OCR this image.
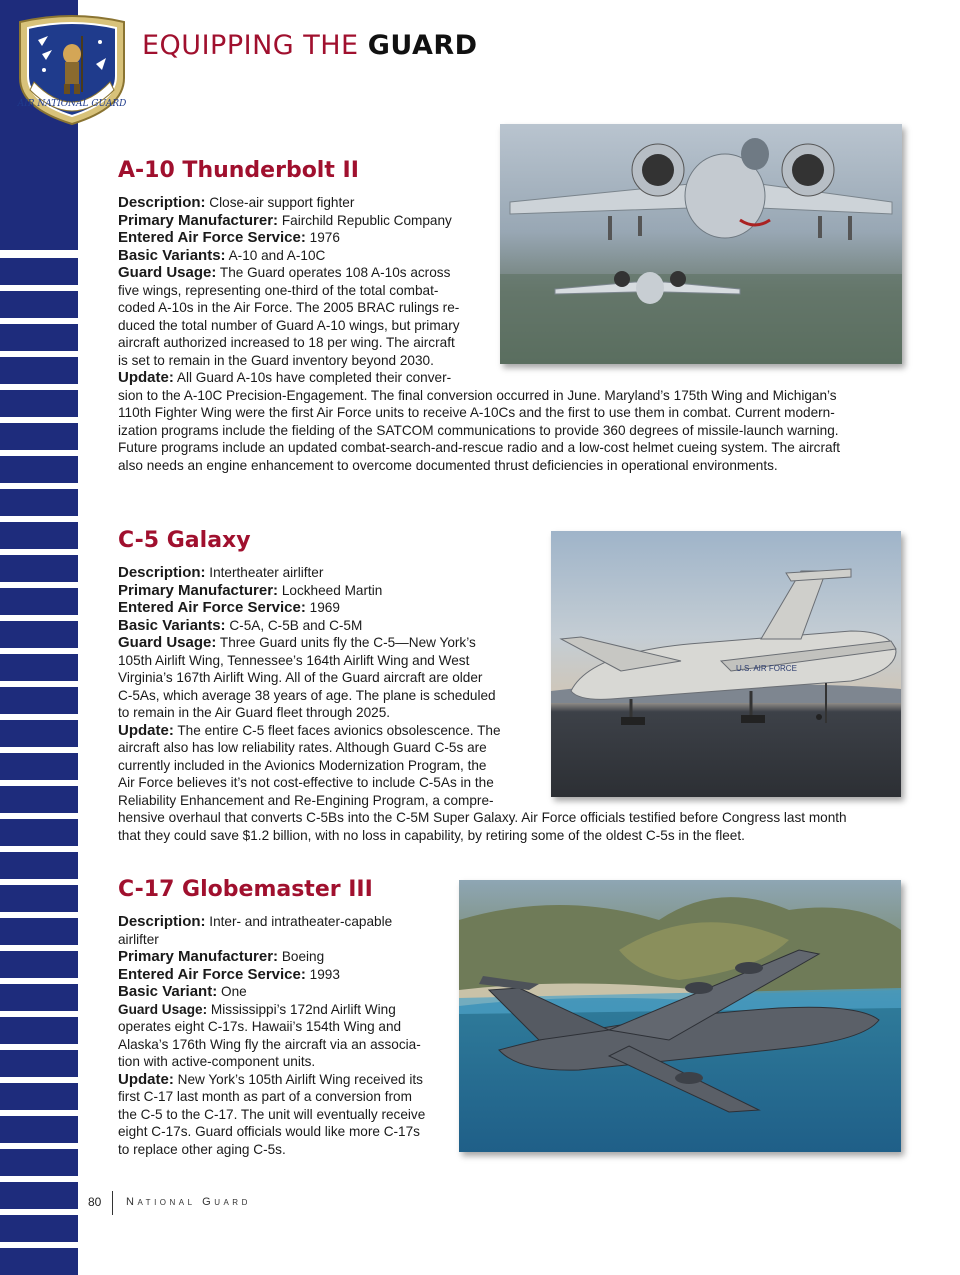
AIR NATIONAL GUARD
EQUIPPING THE GUARD
A-10 Thunderbolt II
Description: Close-air support fighter
Primary Manufacturer: Fairchild Republic Company
Entered Air Force Service: 1976
Basic Variants: A-10 and A-10C
Guard Usage: The Guard operates 108 A-10s across
five wings, representing one-third of the total combat-
coded A-10s in the Air Force. The 2005 BRAC rulings re-
duced the total number of Guard A-10 wings, but primary
aircraft authorized increased to 18 per wing. The aircraft
is set to remain in the Guard inventory beyond 2030.
Update: All Guard A-10s have completed their conver-
sion to the A-10C Precision-Engagement. The final conversion occurred in June. Maryland’s 175th Wing and Michigan’s
110th Fighter Wing were the first Air Force units to receive A-10Cs and the first to use them in combat. Current modern-
ization programs include the fielding of the SATCOM communications to provide 360 degrees of missile-launch warning.
Future programs include an updated combat-search-and-rescue radio and a low-cost helmet cueing system. The aircraft
also needs an engine enhancement to overcome documented thrust deficiencies in operational environments.
U.S. AIR FORCE
C-5 Galaxy
Description: Intertheater airlifter
Primary Manufacturer: Lockheed Martin
Entered Air Force Service: 1969
Basic Variants: C-5A, C-5B and C-5M
Guard Usage: Three Guard units fly the C-5—New York’s
105th Airlift Wing, Tennessee’s 164th Airlift Wing and West
Virginia’s 167th Airlift Wing. All of the Guard aircraft are older
C-5As, which average 38 years of age. The plane is scheduled
to remain in the Air Guard fleet through 2025.
Update: The entire C-5 fleet faces avionics obsolescence. The
aircraft also has low reliability rates. Although Guard C-5s are
currently included in the Avionics Modernization Program, the
Air Force believes it’s not cost-effective to include C-5As in the
Reliability Enhancement and Re-Engining Program, a compre-
hensive overhaul that converts C-5Bs into the C-5M Super Galaxy. Air Force officials testified before Congress last month
that they could save $1.2 billion, with no loss in capability, by retiring some of the oldest C-5s in the fleet.
C-17 Globemaster III
Description: Inter- and intratheater-capable
airlifter
Primary Manufacturer: Boeing
Entered Air Force Service: 1993
Basic Variant: One
Guard Usage: Mississippi’s 172nd Airlift Wing
operates eight C-17s. Hawaii’s 154th Wing and
Alaska’s 176th Wing fly the aircraft via an associa-
tion with active-component units.
Update: New York’s 105th Airlift Wing received its
first C-17 last month as part of a conversion from
the C-5 to the C-17. The unit will eventually receive
eight C-17s. Guard officials would like more C-17s
to replace other aging C-5s.
80 National Guard
